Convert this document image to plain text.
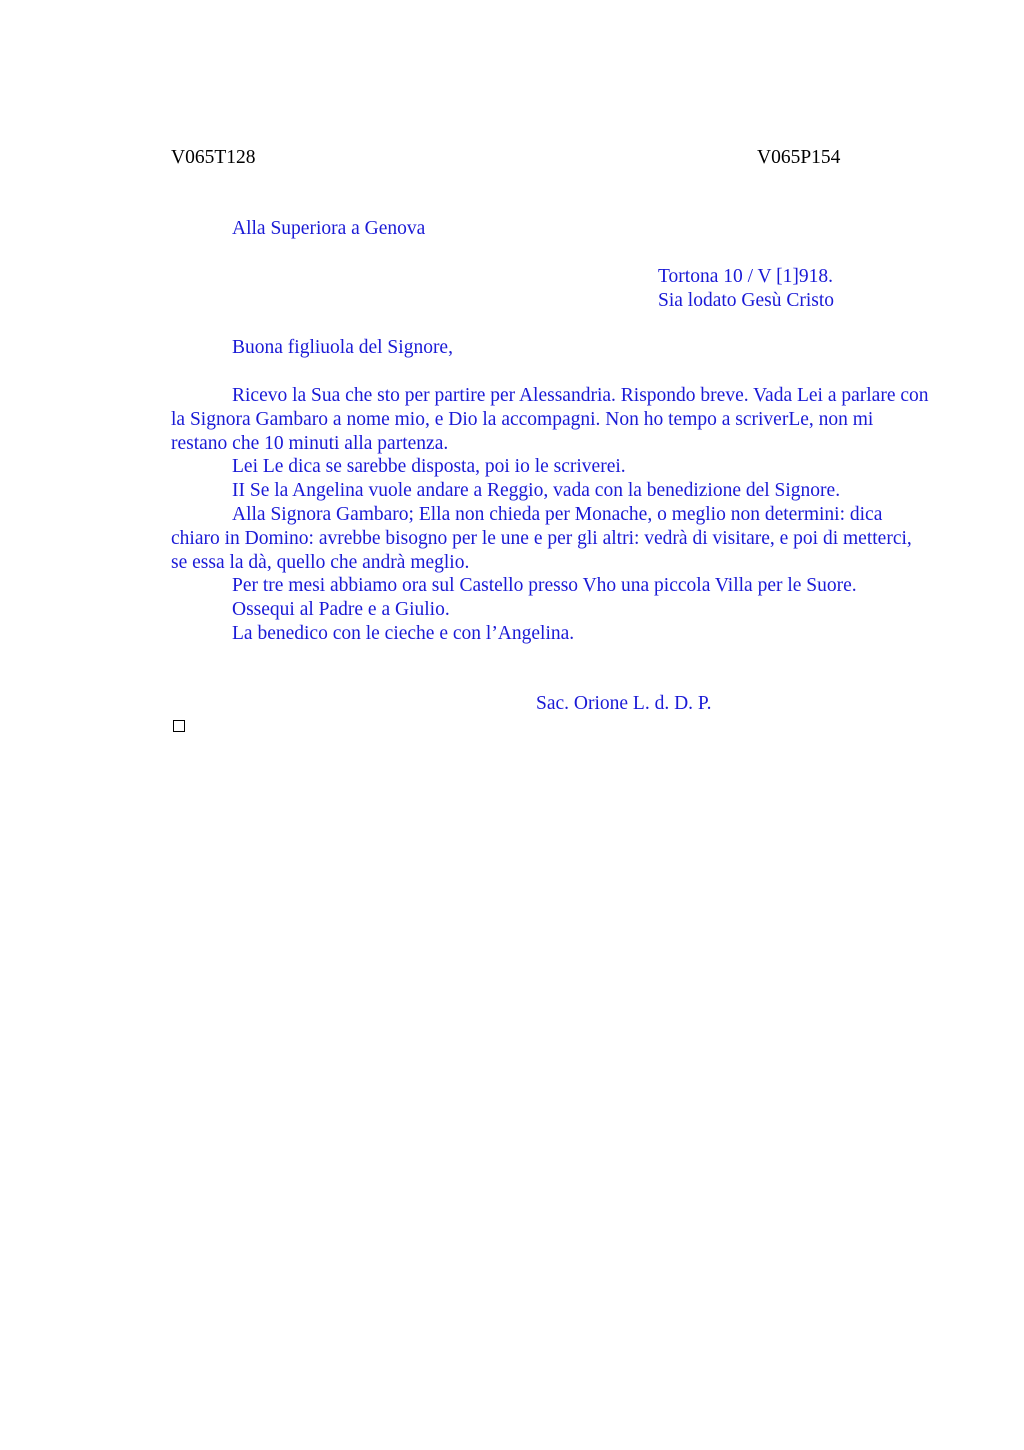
V065T128	V065P154
Alla Superiora a Genova
Tortona 10 / V [1]918.
Sia lodato Gesù Cristo
Buona figliuola del Signore,

Ricevo la Sua che sto per partire per Alessandria. Rispondo breve. Vada Lei a parlare con la Signora Gambaro a nome mio, e Dio la accompagni. Non ho tempo a scriverLe, non mi restano che 10 minuti alla partenza.

Lei Le dica se sarebbe disposta, poi io le scriverei.

II Se la Angelina vuole andare a Reggio, vada con la benedizione del Signore.

Alla Signora Gambaro; Ella non chieda per Monache, o meglio non determini: dica chiaro in Domino: avrebbe bisogno per le une e per gli altri: vedrà di visitare, e poi di metterci, se essa la dà, quello che andrà meglio.

Per tre mesi abbiamo ora sul Castello presso Vho una piccola Villa per le Suore.

Ossequi al Padre e a Giulio.

La benedico con le cieche e con l’Angelina.

Sac. Orione L. d. D. P.
